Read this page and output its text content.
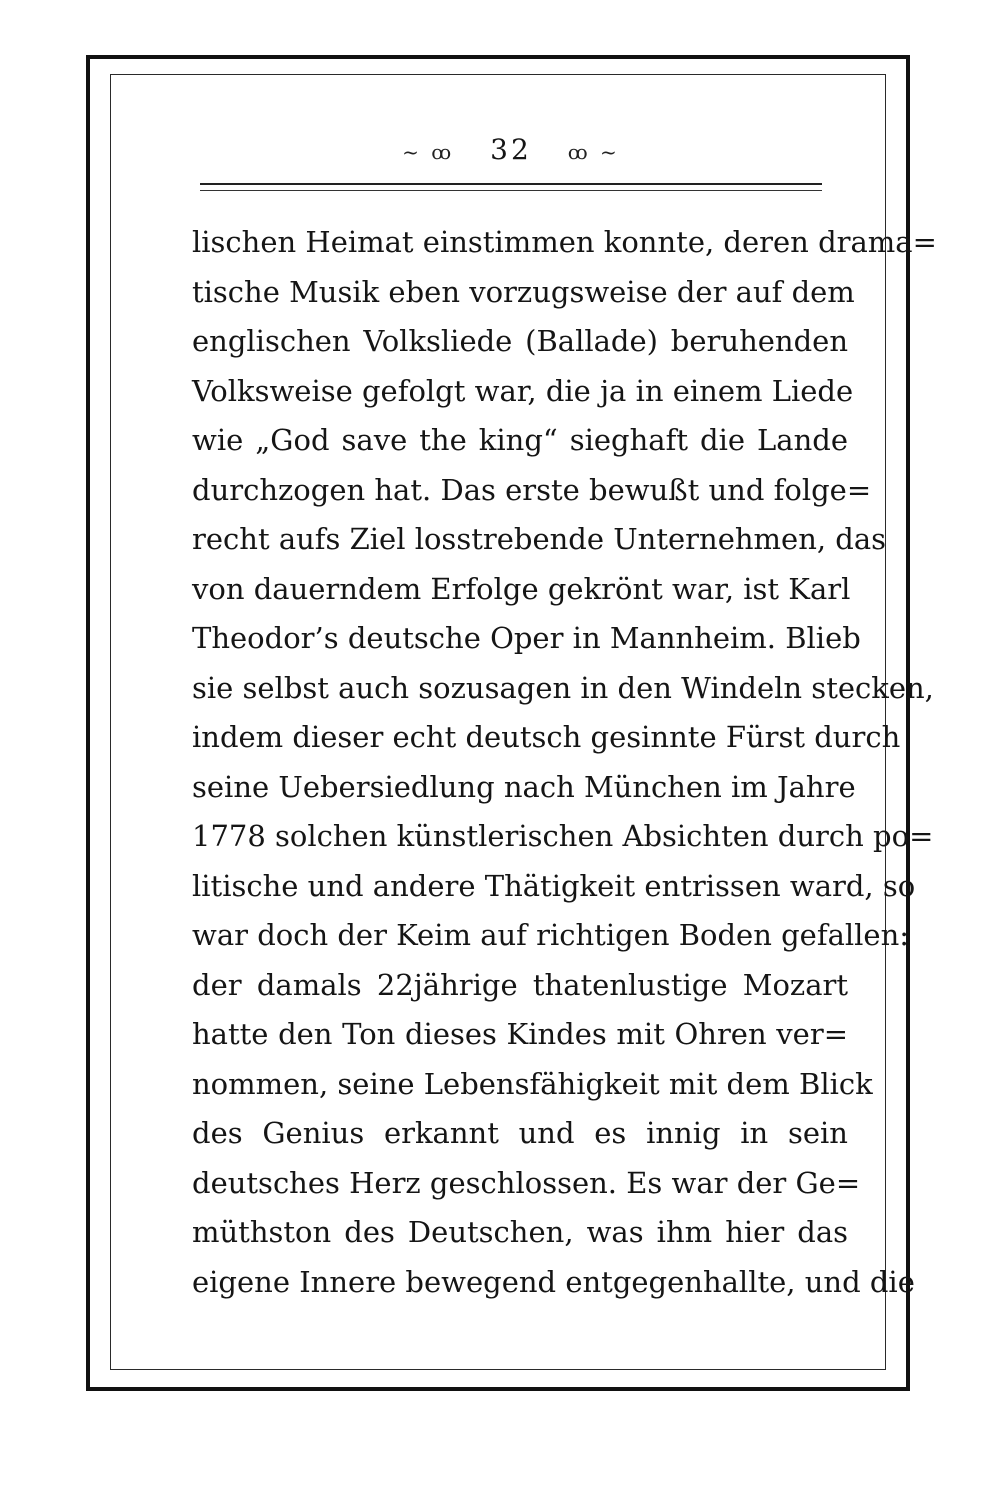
~ ꝏ 32 ꝏ ~
lischen Heimat einstimmen konnte, deren drama=
tische Musik eben vorzugsweise der auf dem
englischen Volksliede (Ballade) beruhenden
Volksweise gefolgt war, die ja in einem Liede
wie „God save the king“ sieghaft die Lande
durchzogen hat. Das erste bewußt und folge=
recht aufs Ziel losstrebende Unternehmen, das
von dauerndem Erfolge gekrönt war, ist Karl
Theodor’s deutsche Oper in Mannheim. Blieb
sie selbst auch sozusagen in den Windeln stecken,
indem dieser echt deutsch gesinnte Fürst durch
seine Uebersiedlung nach München im Jahre
1778 solchen künstlerischen Absichten durch po=
litische und andere Thätigkeit entrissen ward, so
war doch der Keim auf richtigen Boden gefallen:
der damals 22jährige thatenlustige Mozart
hatte den Ton dieses Kindes mit Ohren ver=
nommen, seine Lebensfähigkeit mit dem Blick
des Genius erkannt und es innig in sein
deutsches Herz geschlossen. Es war der Ge=
müthston des Deutschen, was ihm hier das
eigene Innere bewegend entgegenhallte, und die
